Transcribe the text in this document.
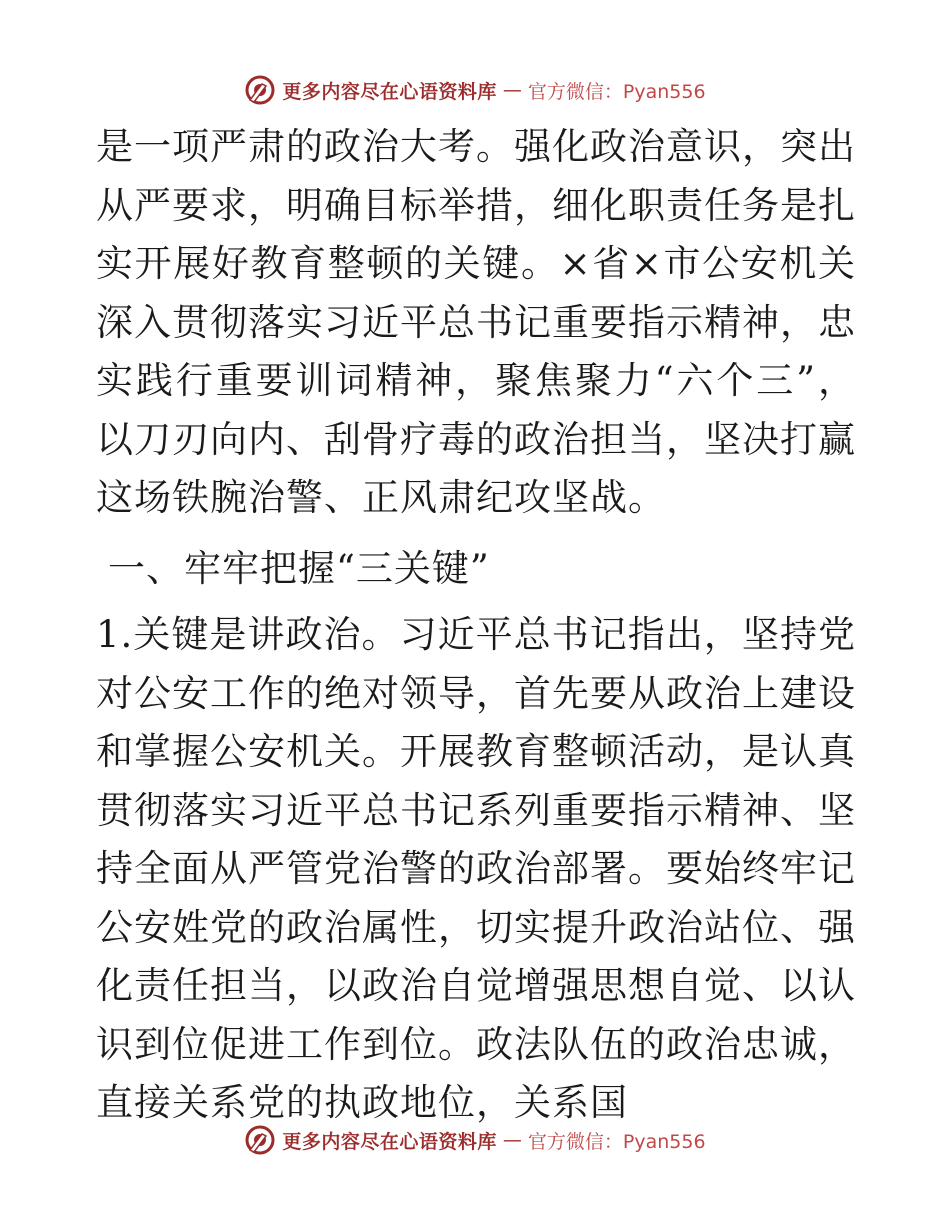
更多内容尽在心语资料库 — 官方微信：Pyan556

是一项严肃的政治大考。强化政治意识，突出从严要求，明确目标举措，细化职责任务是扎实开展好教育整顿的关键。×省×市公安机关深入贯彻落实习近平总书记重要指示精神，忠实践行重要训词精神，聚焦聚力“六个三”，以刀刃向内、刮骨疗毒的政治担当，坚决打赢这场铁腕治警、正风肃纪攻坚战。

一、牢牢把握“三关键”

1.关键是讲政治。习近平总书记指出，坚持党对公安工作的绝对领导，首先要从政治上建设和掌握公安机关。开展教育整顿活动，是认真贯彻落实习近平总书记系列重要指示精神、坚持全面从严管党治警的政治部署。要始终牢记公安姓党的政治属性，切实提升政治站位、强化责任担当，以政治自觉增强思想自觉、以认识到位促进工作到位。政法队伍的政治忠诚，直接关系党的执政地位，关系国

更多内容尽在心语资料库 — 官方微信：Pyan556
